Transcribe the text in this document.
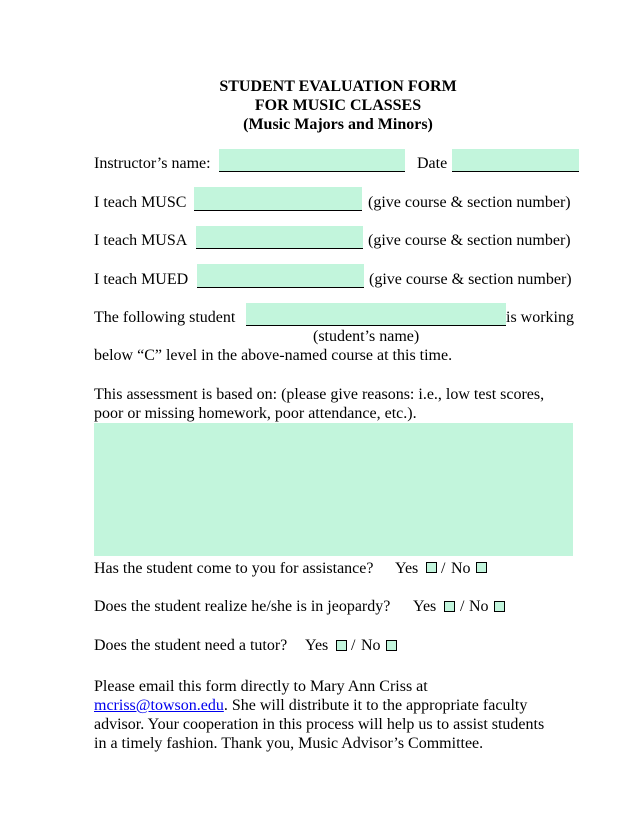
STUDENT EVALUATION FORM
FOR MUSIC CLASSES
(Music Majors and Minors)
Instructor’s name:	Date
I teach MUSC	(give course & section number)
I teach MUSA	(give course & section number)
I teach MUED	(give course & section number)
The following student	is working
(student’s name)
below “C” level in the above-named course at this time.
This assessment is based on: (please give reasons: i.e., low test scores,
poor or missing homework, poor attendance, etc.).
Has the student come to you for assistance? Yes / No
Does the student realize he/she is in jeopardy? Yes / No
Does the student need a tutor? Yes / No
Please email this form directly to Mary Ann Criss at
mcriss@towson.edu. She will distribute it to the appropriate faculty
advisor. Your cooperation in this process will help us to assist students
in a timely fashion. Thank you, Music Advisor’s Committee.
